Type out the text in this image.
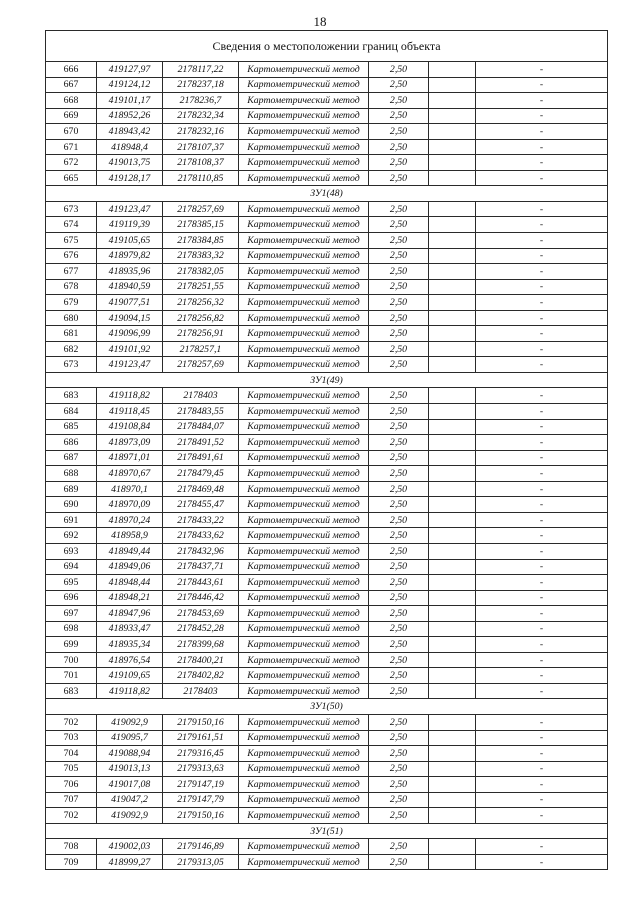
18
Сведения о местоположении границ объекта						
666	419127,97	2178117,22	Картометрический метод	2,50		-
667	419124,12	2178237,18	Картометрический метод	2,50		-
668	419101,17	2178236,7	Картометрический метод	2,50		-
669	418952,26	2178232,34	Картометрический метод	2,50		-
670	418943,42	2178232,16	Картометрический метод	2,50		-
671	418948,4	2178107,37	Картометрический метод	2,50		-
672	419013,75	2178108,37	Картометрический метод	2,50		-
665	419128,17	2178110,85	Картометрический метод	2,50		-
ЗУ1(48)						
673	419123,47	2178257,69	Картометрический метод	2,50		-
674	419119,39	2178385,15	Картометрический метод	2,50		-
675	419105,65	2178384,85	Картометрический метод	2,50		-
676	418979,82	2178383,32	Картометрический метод	2,50		-
677	418935,96	2178382,05	Картометрический метод	2,50		-
678	418940,59	2178251,55	Картометрический метод	2,50		-
679	419077,51	2178256,32	Картометрический метод	2,50		-
680	419094,15	2178256,82	Картометрический метод	2,50		-
681	419096,99	2178256,91	Картометрический метод	2,50		-
682	419101,92	2178257,1	Картометрический метод	2,50		-
673	419123,47	2178257,69	Картометрический метод	2,50		-
ЗУ1(49)						
683	419118,82	2178403	Картометрический метод	2,50		-
684	419118,45	2178483,55	Картометрический метод	2,50		-
685	419108,84	2178484,07	Картометрический метод	2,50		-
686	418973,09	2178491,52	Картометрический метод	2,50		-
687	418971,01	2178491,61	Картометрический метод	2,50		-
688	418970,67	2178479,45	Картометрический метод	2,50		-
689	418970,1	2178469,48	Картометрический метод	2,50		-
690	418970,09	2178455,47	Картометрический метод	2,50		-
691	418970,24	2178433,22	Картометрический метод	2,50		-
692	418958,9	2178433,62	Картометрический метод	2,50		-
693	418949,44	2178432,96	Картометрический метод	2,50		-
694	418949,06	2178437,71	Картометрический метод	2,50		-
695	418948,44	2178443,61	Картометрический метод	2,50		-
696	418948,21	2178446,42	Картометрический метод	2,50		-
697	418947,96	2178453,69	Картометрический метод	2,50		-
698	418933,47	2178452,28	Картометрический метод	2,50		-
699	418935,34	2178399,68	Картометрический метод	2,50		-
700	418976,54	2178400,21	Картометрический метод	2,50		-
701	419109,65	2178402,82	Картометрический метод	2,50		-
683	419118,82	2178403	Картометрический метод	2,50		-
ЗУ1(50)						
702	419092,9	2179150,16	Картометрический метод	2,50		-
703	419095,7	2179161,51	Картометрический метод	2,50		-
704	419088,94	2179316,45	Картометрический метод	2,50		-
705	419013,13	2179313,63	Картометрический метод	2,50		-
706	419017,08	2179147,19	Картометрический метод	2,50		-
707	419047,2	2179147,79	Картометрический метод	2,50		-
702	419092,9	2179150,16	Картометрический метод	2,50		-
ЗУ1(51)						
708	419002,03	2179146,89	Картометрический метод	2,50		-
709	418999,27	2179313,05	Картометрический метод	2,50		-
